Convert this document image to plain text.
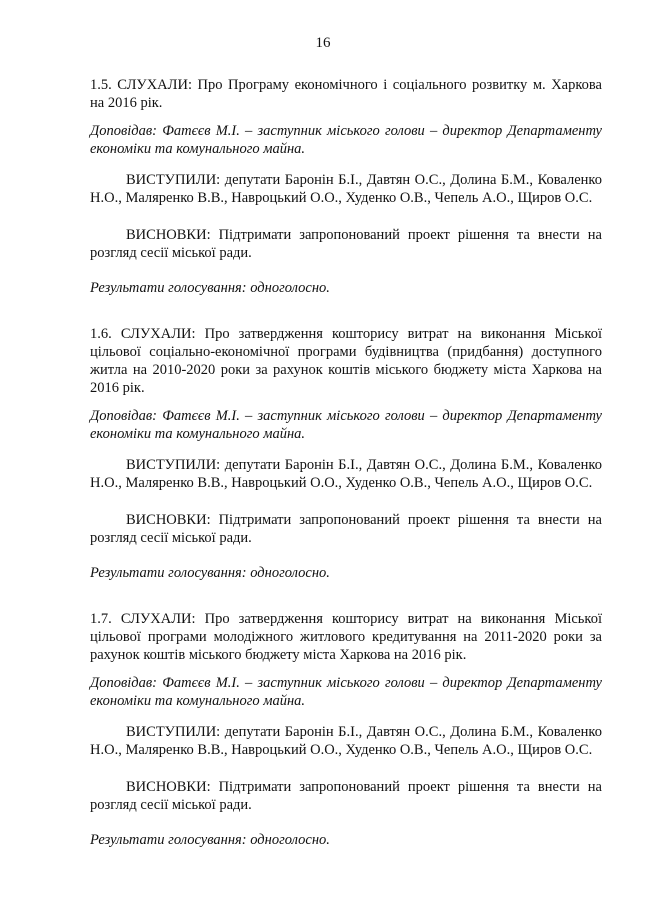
16

1.5. СЛУХАЛИ: Про Програму економічного і соціального розвитку м. Харкова на 2016 рік.

Доповідав: Фатєєв М.І. – заступник міського голови – директор Департаменту економіки та комунального майна.

ВИСТУПИЛИ: депутати Баронін Б.І., Давтян О.С., Долина Б.М., Коваленко Н.О., Маляренко В.В., Навроцький О.О., Худенко О.В., Чепель А.О., Щиров О.С.

ВИСНОВКИ: Підтримати запропонований проект рішення та внести на розгляд сесії міської ради.

Результати голосування: одноголосно.

1.6. СЛУХАЛИ: Про затвердження кошторису витрат на виконання Міської цільової соціально-економічної програми будівництва (придбання) доступного житла на 2010-2020 роки за рахунок коштів міського бюджету міста Харкова на 2016 рік.

Доповідав: Фатєєв М.І. – заступник міського голови – директор Департаменту економіки та комунального майна.

ВИСТУПИЛИ: депутати Баронін Б.І., Давтян О.С., Долина Б.М., Коваленко Н.О., Маляренко В.В., Навроцький О.О., Худенко О.В., Чепель А.О., Щиров О.С.

ВИСНОВКИ: Підтримати запропонований проект рішення та внести на розгляд сесії міської ради.

Результати голосування: одноголосно.

1.7. СЛУХАЛИ: Про затвердження кошторису витрат на виконання Міської цільової програми молодіжного житлового кредитування на 2011-2020 роки за рахунок коштів міського бюджету міста Харкова на 2016 рік.

Доповідав: Фатєєв М.І. – заступник міського голови – директор Департаменту економіки та комунального майна.

ВИСТУПИЛИ: депутати Баронін Б.І., Давтян О.С., Долина Б.М., Коваленко Н.О., Маляренко В.В., Навроцький О.О., Худенко О.В., Чепель А.О., Щиров О.С.

ВИСНОВКИ: Підтримати запропонований проект рішення та внести на розгляд сесії міської ради.

Результати голосування: одноголосно.
